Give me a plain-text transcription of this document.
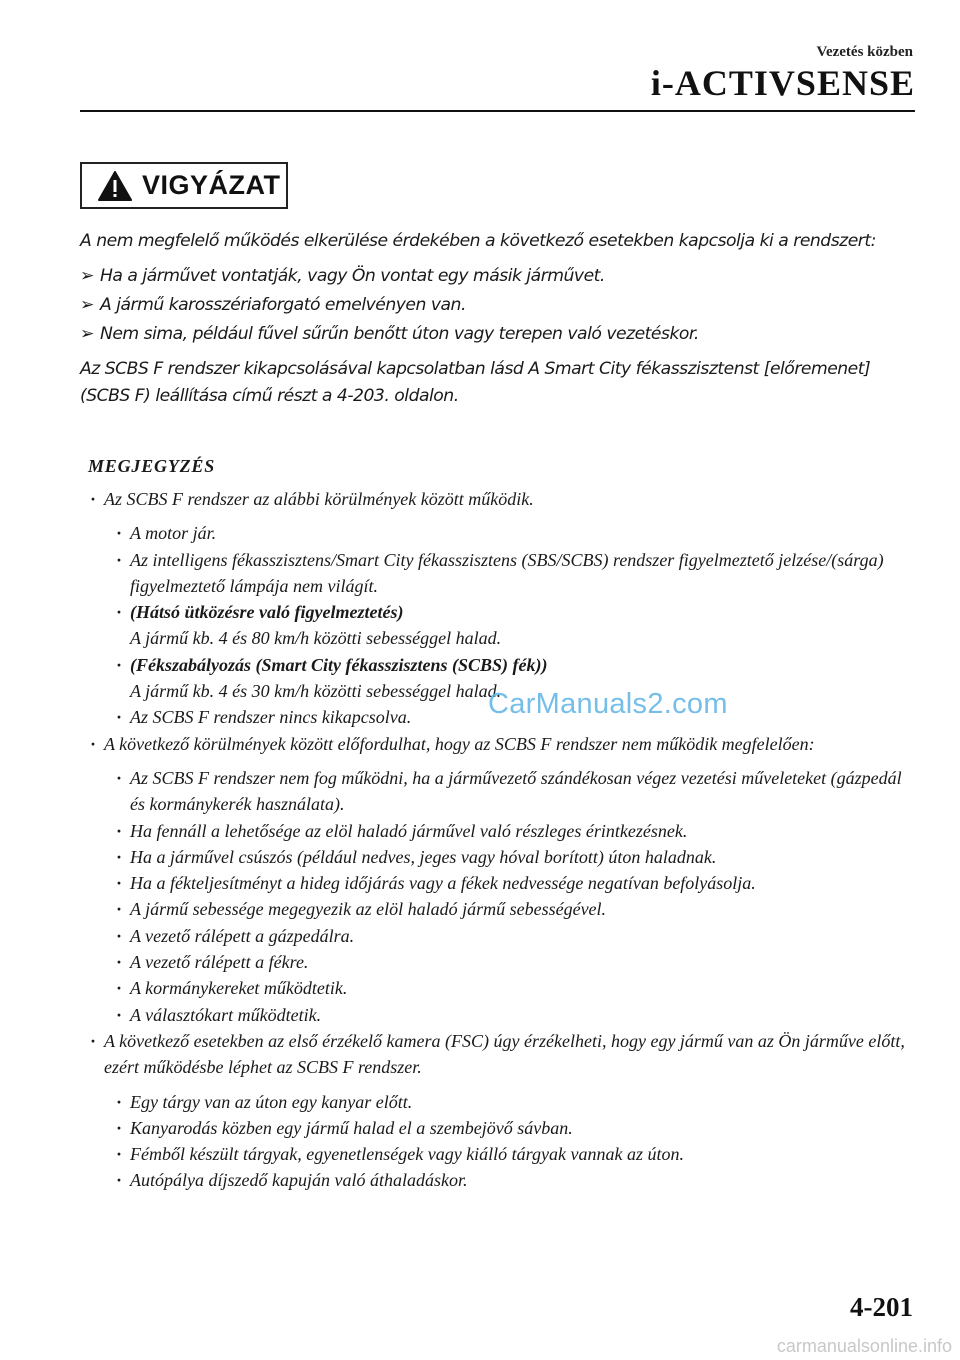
Vezetés közben
i-ACTIVSENSE
VIGYÁZAT

A nem megfelelő működés elkerülése érdekében a következő esetekben kapcsolja ki a rendszert:

➢ Ha a járművet vontatják, vagy Ön vontat egy másik járművet.
➢ A jármű karosszériaforgató emelvényen van.
➢ Nem sima, például fűvel sűrűn benőtt úton vagy terepen való vezetéskor.

Az SCBS F rendszer kikapcsolásával kapcsolatban lásd A Smart City fékasszisztenst [előremenet] (SCBS F) leállítása című részt a 4-203. oldalon.

MEGJEGYZÉS
· Az SCBS F rendszer az alábbi körülmények között működik.
· A motor jár.
· Az intelligens fékasszisztens/Smart City fékasszisztens (SBS/SCBS) rendszer figyelmeztető jelzése/(sárga) figyelmeztető lámpája nem világít.
· (Hátsó ütközésre való figyelmeztetés)
A jármű kb. 4 és 80 km/h közötti sebességgel halad.
· (Fékszabályozás (Smart City fékasszisztens (SCBS) fék))
A jármű kb. 4 és 30 km/h közötti sebességgel halad.
· Az SCBS F rendszer nincs kikapcsolva.
· A következő körülmények között előfordulhat, hogy az SCBS F rendszer nem működik megfelelően:
· Az SCBS F rendszer nem fog működni, ha a járművezető szándékosan végez vezetési műveleteket (gázpedál és kormánykerék használata).
· Ha fennáll a lehetősége az elöl haladó járművel való részleges érintkezésnek.
· Ha a járművel csúszós (például nedves, jeges vagy hóval borított) úton haladnak.
· Ha a fékteljesítményt a hideg időjárás vagy a fékek nedvessége negatívan befolyásolja.
· A jármű sebessége megegyezik az elöl haladó jármű sebességével.
· A vezető rálépett a gázpedálra.
· A vezető rálépett a fékre.
· A kormánykereket működtetik.
· A választókart működtetik.
· A következő esetekben az első érzékelő kamera (FSC) úgy érzékelheti, hogy egy jármű van az Ön járműve előtt, ezért működésbe léphet az SCBS F rendszer.
· Egy tárgy van az úton egy kanyar előtt.
· Kanyarodás közben egy jármű halad el a szembejövő sávban.
· Fémből készült tárgyak, egyenetlenségek vagy kiálló tárgyak vannak az úton.
· Autópálya díjszedő kapuján való áthaladáskor.
CarManuals2.com
4-201
carmanualsonline.info
